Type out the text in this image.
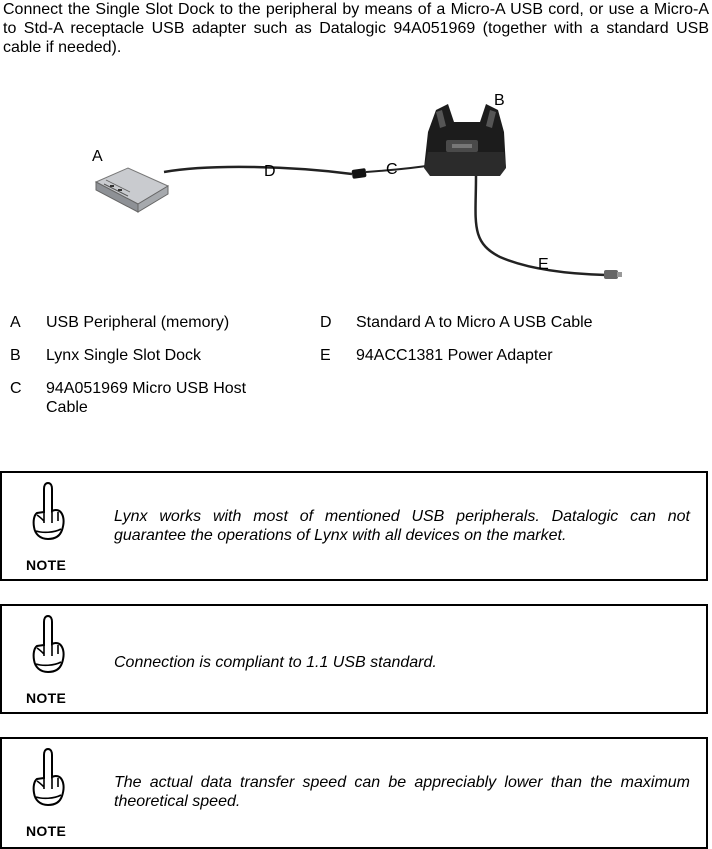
Connect the Single Slot Dock to the peripheral by means of a Micro-A USB cord, or use a Micro-A to Std-A receptacle USB adapter such as Datalogic 94A051969 (together with a standard USB cable if needed).

A
B
C
D
E
A USB Peripheral (memory)	D Standard A to Micro A USB Cable
B Lynx Single Slot Dock	E 94ACC1381 Power Adapter
C 94A051969 Micro USB Host Cable
NOTE
Lynx works with most of mentioned USB peripherals. Datalogic can not guarantee the operations of Lynx with all devices on the market.
NOTE
Connection is compliant to 1.1 USB standard.
NOTE
The actual data transfer speed can be appreciably lower than the maximum theoretical speed.
